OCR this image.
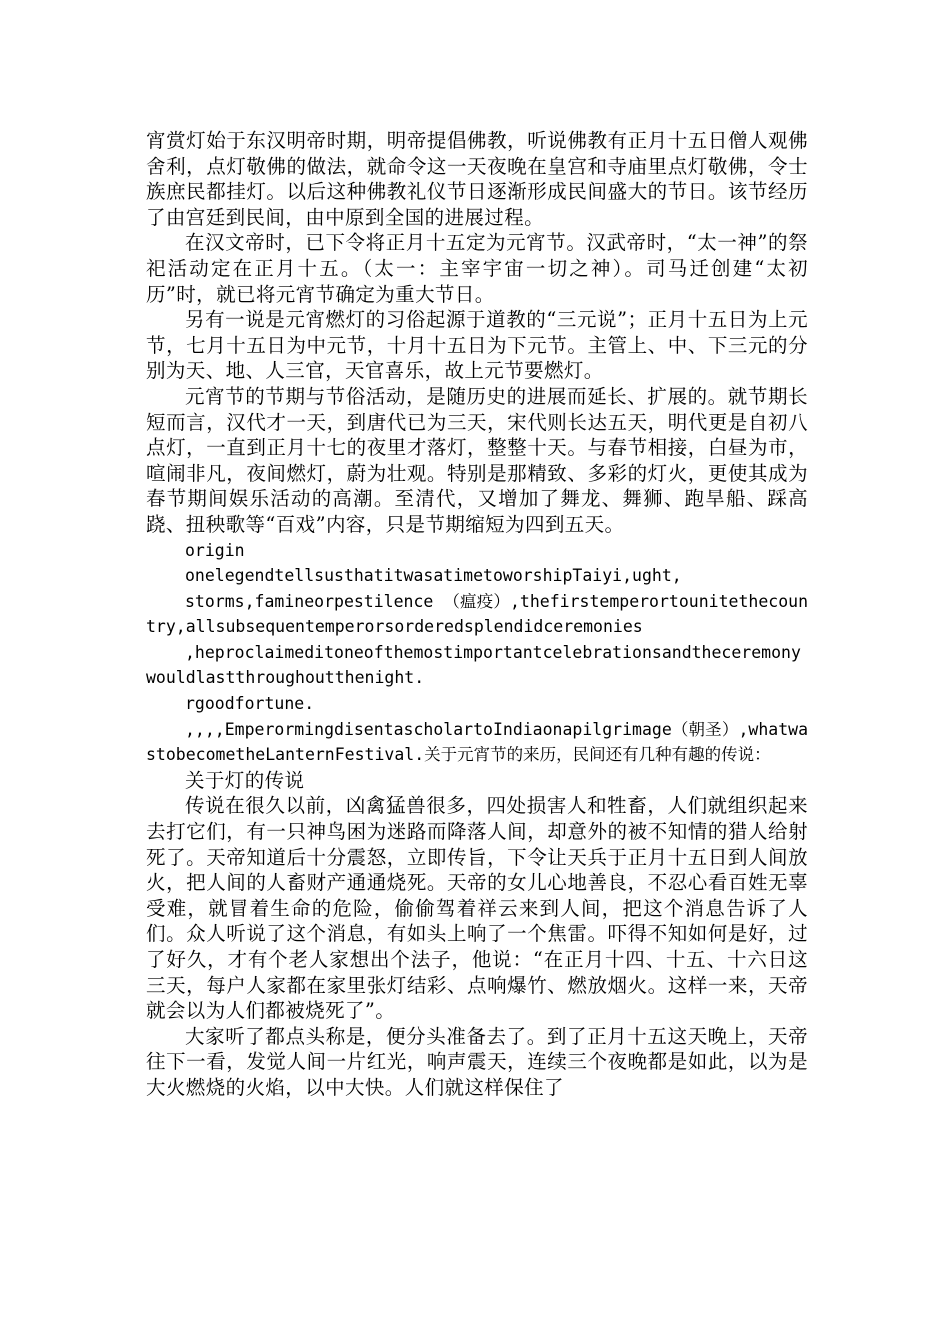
宵赏灯始于东汉明帝时期，明帝提倡佛教，听说佛教有正月十五日僧人观佛舍利，点灯敬佛的做法，就命令这一天夜晚在皇宫和寺庙里点灯敬佛，令士族庶民都挂灯。以后这种佛教礼仪节日逐渐形成民间盛大的节日。该节经历了由宫廷到民间，由中原到全国的进展过程。

在汉文帝时，已下令将正月十五定为元宵节。汉武帝时，“太一神”的祭祀活动定在正月十五。（太一：主宰宇宙一切之神）。司马迁创建“太初历”时，就已将元宵节确定为重大节日。

另有一说是元宵燃灯的习俗起源于道教的“三元说”；正月十五日为上元节，七月十五日为中元节，十月十五日为下元节。主管上、中、下三元的分别为天、地、人三官，天官喜乐，故上元节要燃灯。

元宵节的节期与节俗活动，是随历史的进展而延长、扩展的。就节期长短而言，汉代才一天，到唐代已为三天，宋代则长达五天，明代更是自初八点灯，一直到正月十七的夜里才落灯，整整十天。与春节相接，白昼为市，喧闹非凡，夜间燃灯，蔚为壮观。特别是那精致、多彩的灯火，更使其成为春节期间娱乐活动的高潮。至清代，又增加了舞龙、舞狮、跑旱船、踩高跷、扭秧歌等“百戏”内容，只是节期缩短为四到五天。

origin

onelegendtellsusthatitwasatimetoworshipTaiyi,ught,

storms,famineorpestilence （瘟疫）,thefirstemperortounitethecountry,allsubsequentemperorsorderedsplendidceremonies

,heproclaimeditoneofthemostimportantcelebrationsandtheceremonywouldlastthroughoutthenight.

rgoodfortune.

,,,,EmperormingdisentascholartoIndiaonapilgrimage（朝圣）,whatwastobecometheLanternFestival.关于元宵节的来历，民间还有几种有趣的传说：

关于灯的传说

传说在很久以前，凶禽猛兽很多，四处损害人和牲畜，人们就组织起来去打它们，有一只神鸟困为迷路而降落人间，却意外的被不知情的猎人给射死了。天帝知道后十分震怒，立即传旨，下令让天兵于正月十五日到人间放火，把人间的人畜财产通通烧死。天帝的女儿心地善良，不忍心看百姓无辜受难，就冒着生命的危险，偷偷驾着祥云来到人间，把这个消息告诉了人们。众人听说了这个消息，有如头上响了一个焦雷。吓得不知如何是好，过了好久，才有个老人家想出个法子，他说：“在正月十四、十五、十六日这三天，每户人家都在家里张灯结彩、点响爆竹、燃放烟火。这样一来，天帝就会以为人们都被烧死了”。

大家听了都点头称是，便分头准备去了。到了正月十五这天晚上，天帝往下一看，发觉人间一片红光，响声震天，连续三个夜晚都是如此，以为是大火燃烧的火焰，以中大快。人们就这样保住了
